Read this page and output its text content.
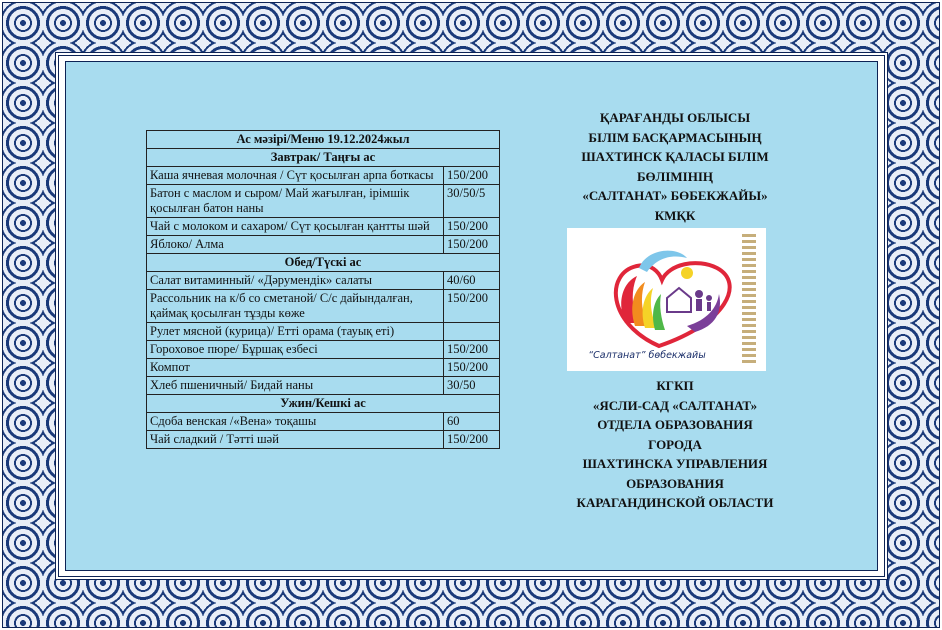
Ас мәзірі/Меню 19.12.2024жыл	
Завтрак/ Таңғы ас	
Каша ячневая молочная / Сүт қосылған арпа боткасы	150/200
Батон с маслом и сыром/ Май жағылған, ірімшік қосылған батон наны	30/50/5
Чай с молоком и сахаром/ Сүт қосылған қантты шәй	150/200
Яблоко/ Алма	150/200
Обед/Түскі ас	
Салат витаминный/ «Дәрумендік» салаты	40/60
Рассольник на к/б со сметаной/ С/с дайындалған, қаймақ қосылған тұзды көже	150/200
Рулет мясной (курица)/ Етті орама (тауық еті)	
Гороховое пюре/ Бұршақ езбесі	150/200
Компот	150/200
Хлеб пшеничный/ Бидай наны	30/50
Ужин/Кешкі ас	
Сдоба венская /«Вена» тоқашы	60
Чай сладкий / Тәтті шәй	150/200
ҚАРАҒАНДЫ ОБЛЫСЫ
БІЛІМ БАСҚАРМАСЫНЫҢ
ШАХТИНСК ҚАЛАСЫ БІЛІМ
БӨЛІМІНІҢ
«САЛТАНАТ» БӨБЕКЖАЙЫ»
КМҚК
“Салтанат” бөбекжайы
КГКП
«ЯСЛИ-САД «САЛТАНАТ»
ОТДЕЛА ОБРАЗОВАНИЯ
ГОРОДА
ШАХТИНСКА УПРАВЛЕНИЯ
ОБРАЗОВАНИЯ
КАРАГАНДИНСКОЙ ОБЛАСТИ
